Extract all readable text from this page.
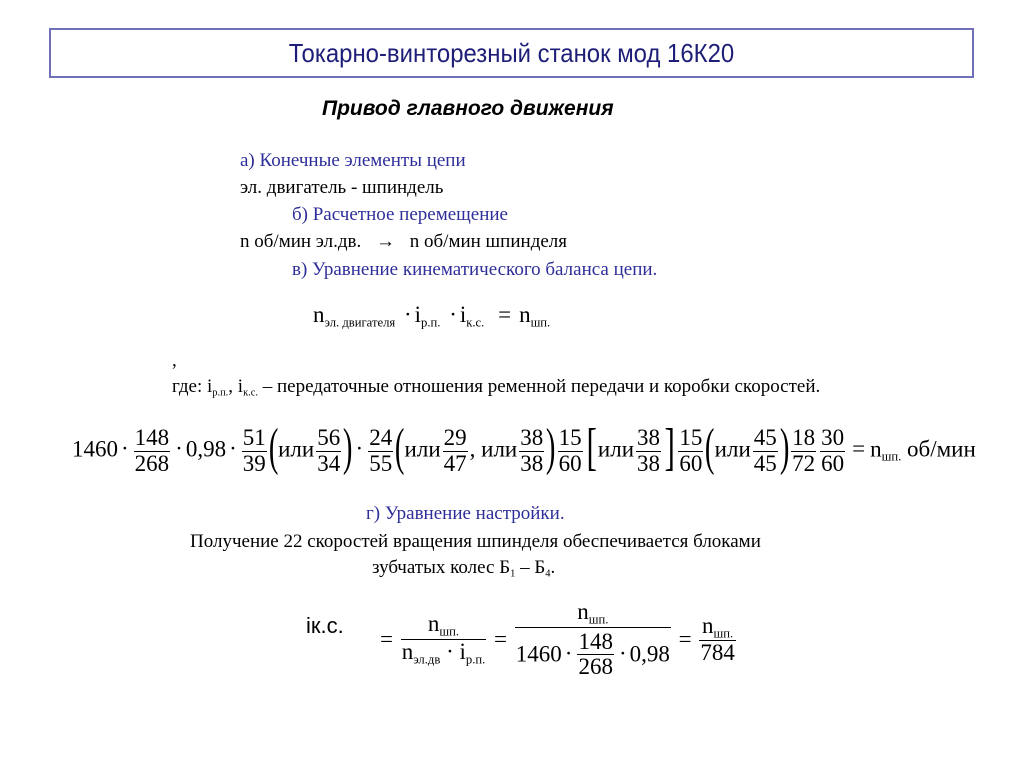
Токарно-винторезный станок мод 16К20
Привод главного движения
а) Конечные элементы цепи
эл. двигатель - шпиндель
б) Расчетное перемещение
n об/мин эл.дв. → n об/мин шпинделя
в) Уравнение кинематического баланса цепи.
$n_{эл. двигателя} \cdot i_{р.п.} \cdot i_{к.с.} = n_{шп.}$
,
где: $i_{р.п.}$, $i_{к.с.}$ – передаточные отношения ременной передачи и коробки скоростей.
$1460 \cdot \frac{148}{268} \cdot 0,98 \cdot \frac{51}{39} (или \frac{56}{34}$ ) · $\frac{24}{55} (или \frac{29}{47}$ , или $\frac{38}{38}$ ) $\frac{15}{60} [или \frac{38}{38}$ ] $\frac{15}{60} (или \frac{45}{45}$ ) $\frac{18}{72} \frac{30}{60} = n_{шп.}$ об/мин
г) Уравнение настройки.
Получение 22 скоростей вращения шпинделя обеспечивается блоками
зубчатых колес $Б_1 - Б_4$.
iк.с.
= $\frac{n_{шп.}}{n_{эл.дв} \cdot i_{р.п.}} = \frac{n_{шп.}}{1460 \cdot \frac{148}{268} \cdot 0,98} = \frac{n_{шп.}}{784}$
